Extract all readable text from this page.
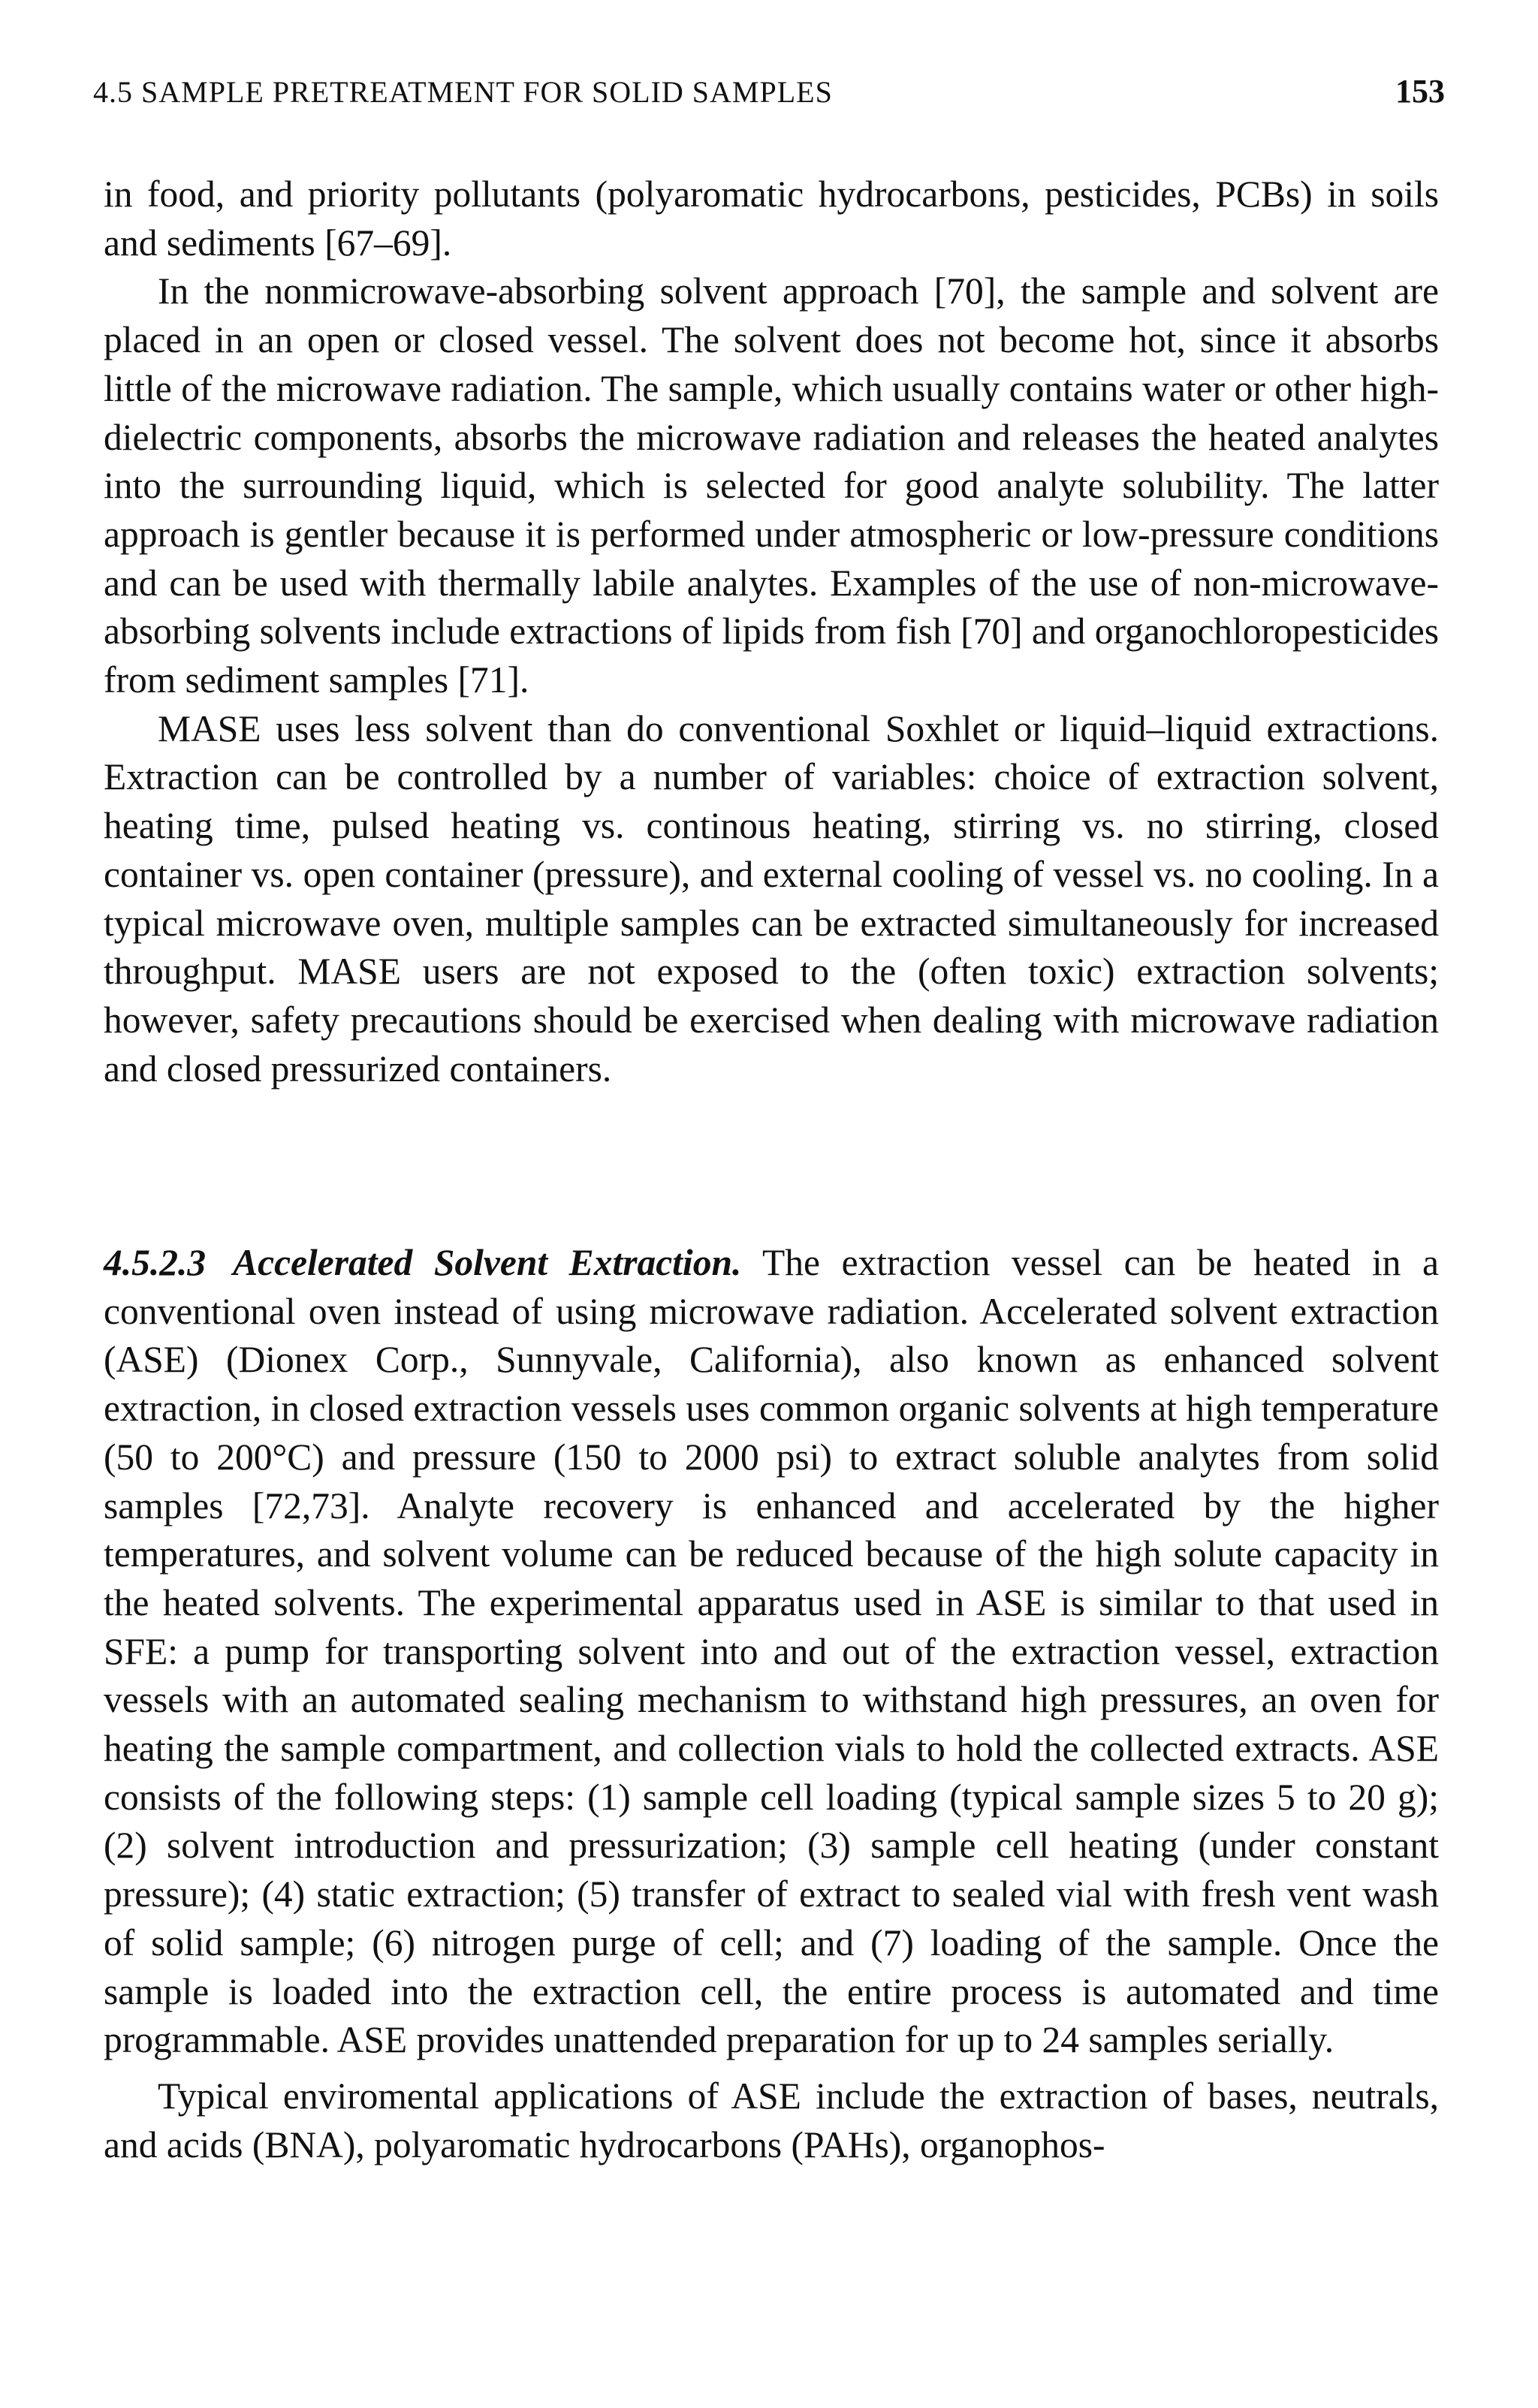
4.5 SAMPLE PRETREATMENT FOR SOLID SAMPLES	153

in food, and priority pollutants (polyaromatic hydrocarbons, pesticides, PCBs) in soils and sediments [67–69].

In the nonmicrowave-absorbing solvent approach [70], the sample and solvent are placed in an open or closed vessel. The solvent does not become hot, since it absorbs little of the microwave radiation. The sample, which usually contains water or other high-dielectric components, absorbs the microwave radiation and releases the heated analytes into the surrounding liquid, which is selected for good analyte solubility. The latter approach is gentler because it is performed under atmospheric or low-pressure conditions and can be used with thermally labile analytes. Examples of the use of non-microwave-absorbing solvents include extractions of lipids from fish [70] and organochloropesticides from sediment samples [71].

MASE uses less solvent than do conventional Soxhlet or liquid–liquid extractions. Extraction can be controlled by a number of variables: choice of extraction solvent, heating time, pulsed heating vs. continous heating, stirring vs. no stirring, closed container vs. open container (pressure), and external cooling of vessel vs. no cooling. In a typical microwave oven, multiple samples can be extracted simultaneously for increased throughput. MASE users are not exposed to the (often toxic) extraction solvents; however, safety precautions should be exercised when dealing with microwave radiation and closed pressurized containers.

4.5.2.3 Accelerated Solvent Extraction. The extraction vessel can be heated in a conventional oven instead of using microwave radiation. Accelerated solvent extraction (ASE) (Dionex Corp., Sunnyvale, California), also known as enhanced solvent extraction, in closed extraction vessels uses common organic solvents at high temperature (50 to 200°C) and pressure (150 to 2000 psi) to extract soluble analytes from solid samples [72,73]. Analyte recovery is enhanced and accelerated by the higher temperatures, and solvent volume can be reduced because of the high solute capacity in the heated solvents. The experimental apparatus used in ASE is similar to that used in SFE: a pump for transporting solvent into and out of the extraction vessel, extraction vessels with an automated sealing mechanism to withstand high pressures, an oven for heating the sample compartment, and collection vials to hold the collected extracts. ASE consists of the following steps: (1) sample cell loading (typical sample sizes 5 to 20 g); (2) solvent introduction and pressurization; (3) sample cell heating (under constant pressure); (4) static extraction; (5) transfer of extract to sealed vial with fresh vent wash of solid sample; (6) nitrogen purge of cell; and (7) loading of the sample. Once the sample is loaded into the extraction cell, the entire process is automated and time programmable. ASE provides unattended preparation for up to 24 samples serially.

Typical enviromental applications of ASE include the extraction of bases, neutrals, and acids (BNA), polyaromatic hydrocarbons (PAHs), organophos-
